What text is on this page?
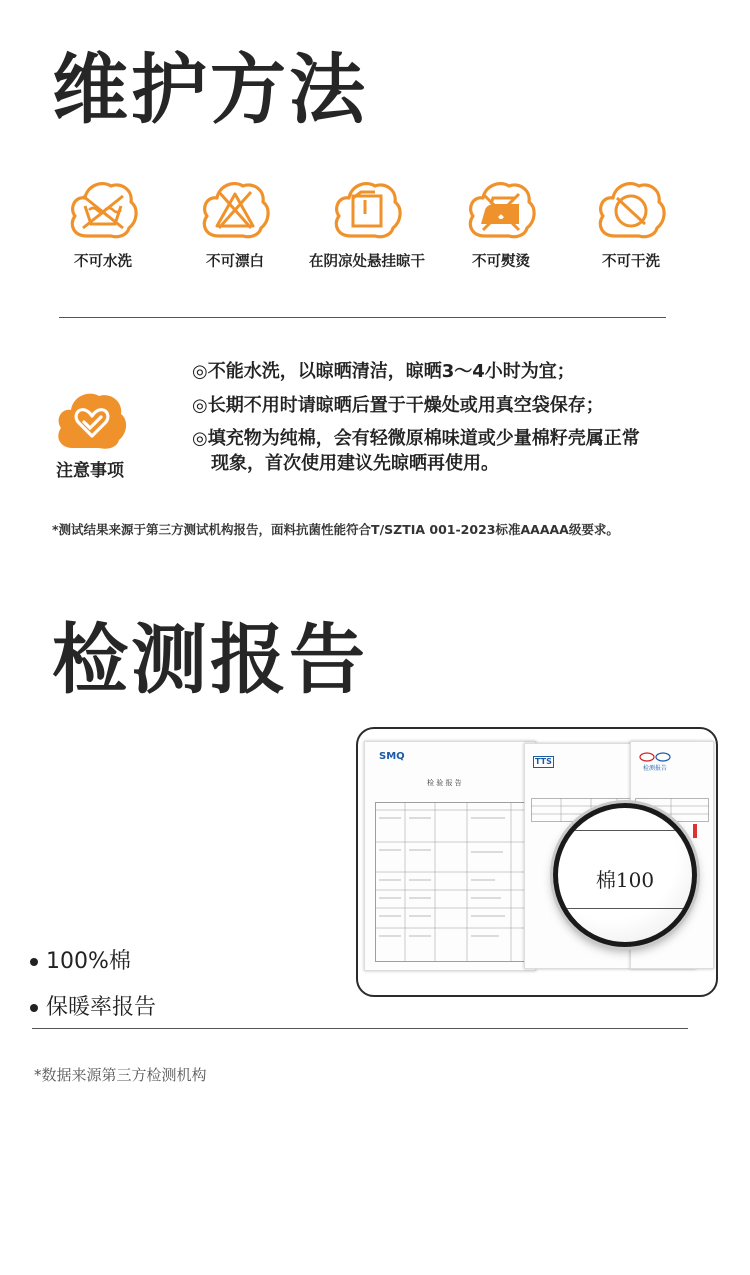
维护方法
不可水洗	不可漂白	在阴凉处悬挂晾干	不可熨烫	不可干洗
注意事项
◎不能水洗，以晾晒清洁，晾晒3～4小时为宜；
◎长期不用时请晾晒后置于干燥处或用真空袋保存；
◎填充物为纯棉，会有轻微原棉味道或少量棉籽壳属正常
现象，首次使用建议先晾晒再使用。
*测试结果来源于第三方测试机构报告，面料抗菌性能符合T/SZTIA 001-2023标准AAAAA级要求。
检测报告
SMQ
检 验 报 告
TTS
检测报告
棉100
100%棉
保暖率报告
*数据来源第三方检测机构
